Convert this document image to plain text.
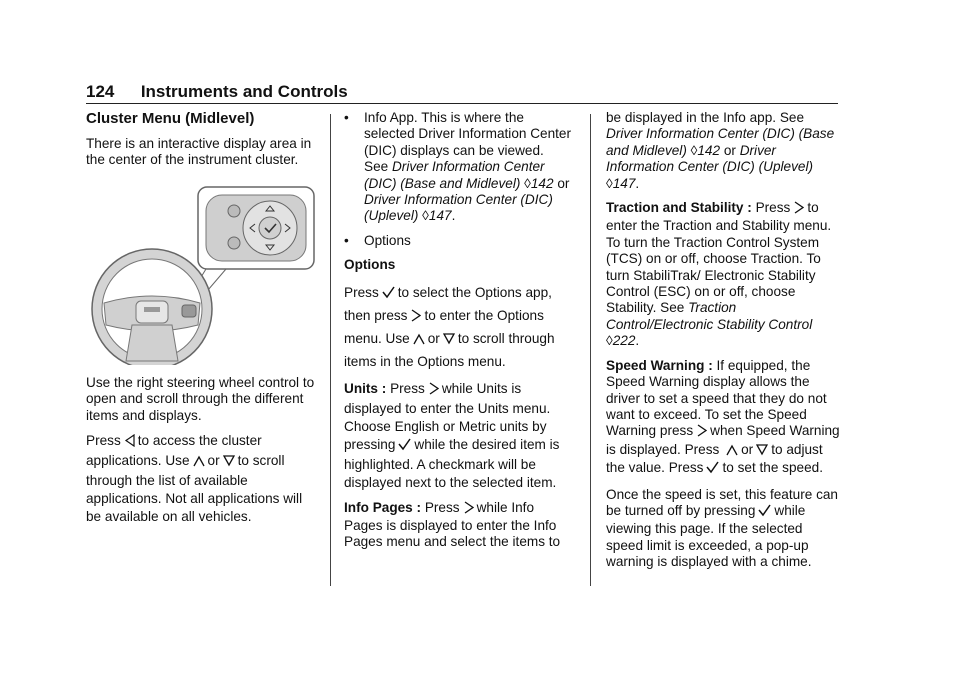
124 Instruments and Controls
Cluster Menu (Midlevel)

There is an interactive display area in the center of the instrument cluster.

Use the right steering wheel control to open and scroll through the different items and displays.

Press to access the cluster applications. Use or to scroll through the list of available applications. Not all applications will be available on all vehicles.

•	Info App. This is where the selected Driver Information Center (DIC) displays can be viewed.
See Driver Information Center (DIC) (Base and Midlevel) ◊142 or Driver Information Center (DIC) (Uplevel) ◊147.
•	Options

Options

Press to select the Options app, then press to enter the Options menu. Use or to scroll through items in the Options menu.

Units : Press while Units is displayed to enter the Units menu. Choose English or Metric units by pressing while the desired item is highlighted. A checkmark will be displayed next to the selected item.

Info Pages : Press while Info Pages is displayed to enter the Info Pages menu and select the items to

be displayed in the Info app. See Driver Information Center (DIC) (Base and Midlevel) ◊142 or Driver Information Center (DIC) (Uplevel)
◊147.

Traction and Stability : Press to enter the Traction and Stability menu. To turn the Traction Control System (TCS) on or off, choose Traction. To turn StabiliTrak/ Electronic Stability Control (ESC) on or off, choose Stability. See Traction Control/Electronic Stability Control
◊222.

Speed Warning : If equipped, the Speed Warning display allows the driver to set a speed that they do not want to exceed. To set the Speed Warning press when Speed Warning is displayed. Press or to adjust the value. Press to set the speed.

Once the speed is set, this feature can be turned off by pressing while viewing this page. If the selected speed limit is exceeded, a pop-up warning is displayed with a chime.
